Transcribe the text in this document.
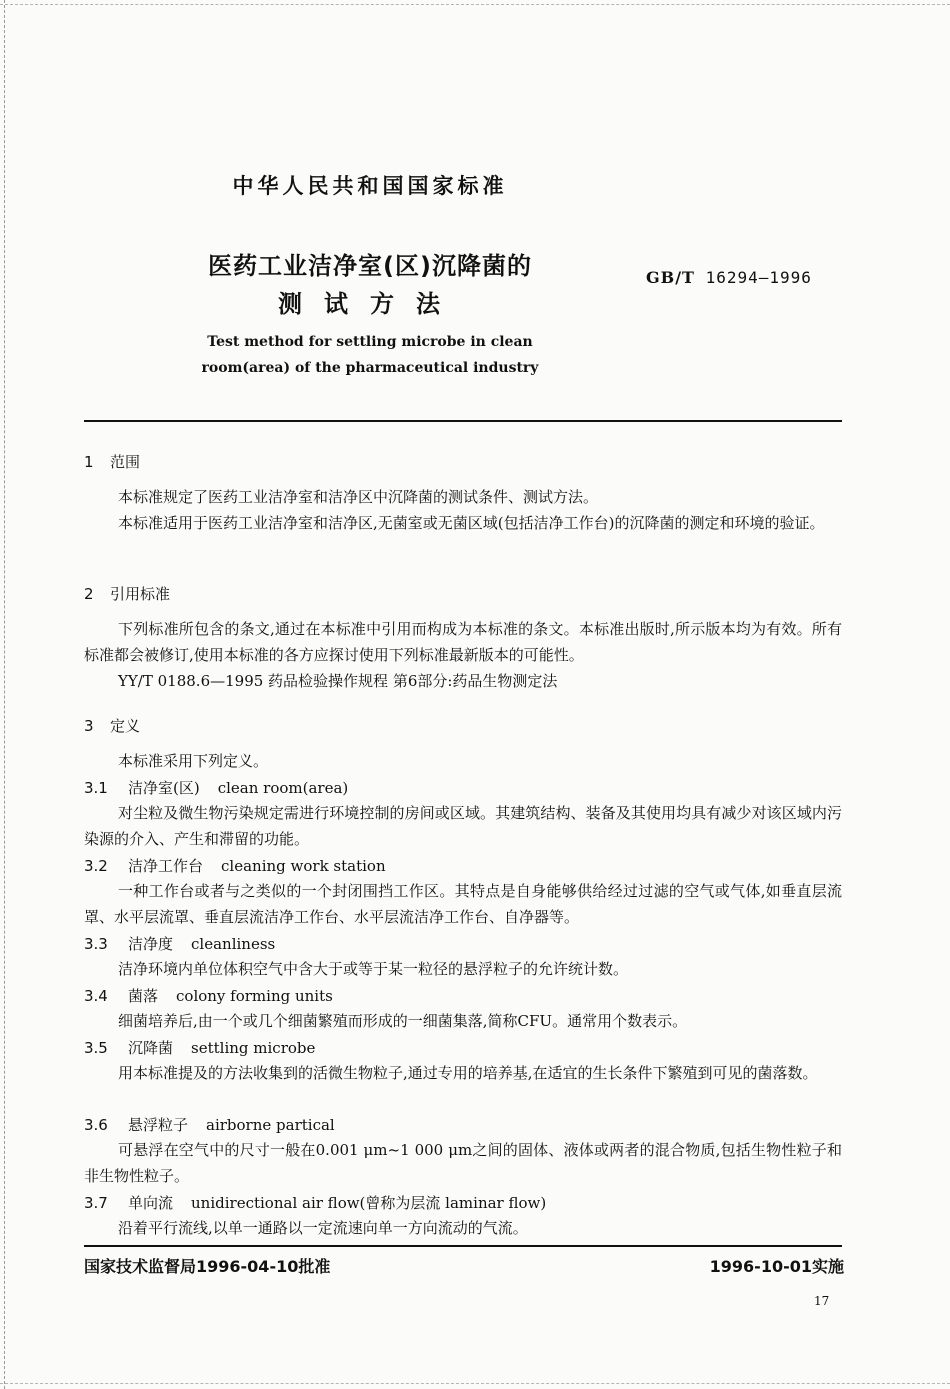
中华人民共和国国家标准
医药工业洁净室(区)沉降菌的
测试方法
GB/T 16294—1996
Test method for settling microbe in clean
room(area) of the pharmaceutical industry
1 范围

本标准规定了医药工业洁净室和洁净区中沉降菌的测试条件、测试方法。

本标准适用于医药工业洁净室和洁净区,无菌室或无菌区域(包括洁净工作台)的沉降菌的测定和环境的验证。

2 引用标准

下列标准所包含的条文,通过在本标准中引用而构成为本标准的条文。本标准出版时,所示版本均为有效。所有标准都会被修订,使用本标准的各方应探讨使用下列标准最新版本的可能性。

YY/T 0188.6—1995 药品检验操作规程 第6部分:药品生物测定法
3 定义
本标准采用下列定义。
3.1 洁净室(区) clean room(area)

对尘粒及微生物污染规定需进行环境控制的房间或区域。其建筑结构、装备及其使用均具有减少对该区域内污染源的介入、产生和滞留的功能。

3.2 洁净工作台 cleaning work station

一种工作台或者与之类似的一个封闭围挡工作区。其特点是自身能够供给经过过滤的空气或气体,如垂直层流罩、水平层流罩、垂直层流洁净工作台、水平层流洁净工作台、自净器等。

3.3 洁净度 cleanliness

洁净环境内单位体积空气中含大于或等于某一粒径的悬浮粒子的允许统计数。

3.4 菌落 colony forming units

细菌培养后,由一个或几个细菌繁殖而形成的一细菌集落,简称CFU。通常用个数表示。

3.5 沉降菌 settling microbe

用本标准提及的方法收集到的活微生物粒子,通过专用的培养基,在适宜的生长条件下繁殖到可见的菌落数。

3.6 悬浮粒子 airborne partical

可悬浮在空气中的尺寸一般在0.001 μm~1 000 μm之间的固体、液体或两者的混合物质,包括生物性粒子和非生物性粒子。

3.7 单向流 unidirectional air flow(曾称为层流 laminar flow)

沿着平行流线,以单一通路以一定流速向单一方向流动的气流。

国家技术监督局1996-04-10批准	1996-10-01实施
17
